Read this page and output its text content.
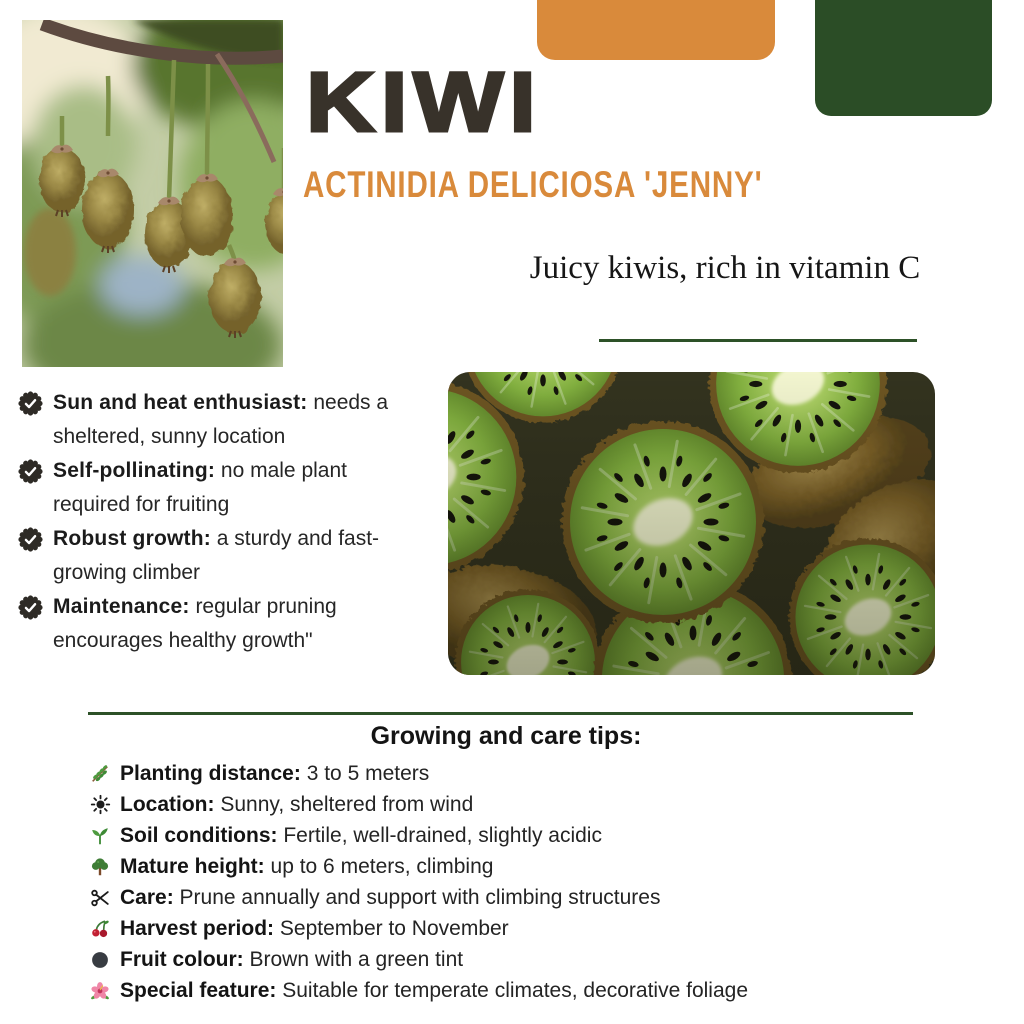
KIWI
ACTINIDIA DELICIOSA 'JENNY'

Juicy kiwis, rich in vitamin C

Sun and heat enthusiast: needs a sheltered, sunny location

Self-pollinating: no male plant required for fruiting

Robust growth: a sturdy and fast-growing climber

Maintenance: regular pruning encourages healthy growth"

Growing and care tips:

Planting distance: 3 to 5 meters

Location: Sunny, sheltered from wind

Soil conditions: Fertile, well-drained, slightly acidic

Mature height: up to 6 meters, climbing

Care: Prune annually and support with climbing structures

Harvest period: September to November

Fruit colour: Brown with a green tint

Special feature: Suitable for temperate climates, decorative foliage
